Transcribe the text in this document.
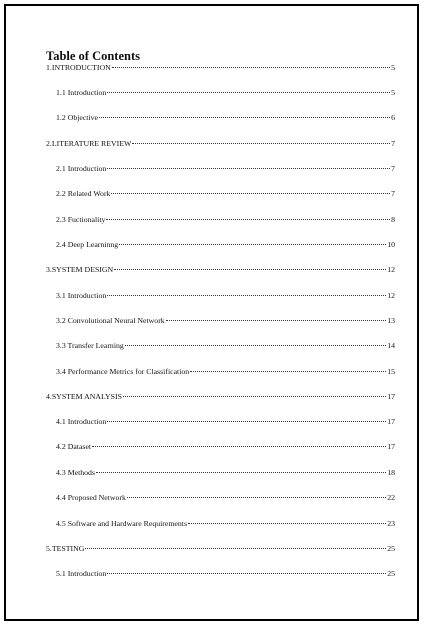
Table of Contents
1.INTRODUCTION	5
1.1 Introduction	5
1.2 Objective	6
2.LITERATURE REVIEW	7
2.1 Introduction	7
2.2 Related Work	7
2.3 Fuctionality	8
2.4 Deep Learninng	10
3.SYSTEM DESIGN	12
3.1 Introduction	12
3.2 Convolutional Neural Network	13
3.3 Transfer Learning	14
3.4 Performance Metrics for Classification	15
4.SYSTEM ANALYSIS	17
4.1 Introduction	17
4.2 Dataset	17
4.3 Methods	18
4.4 Proposed Network	22
4.5 Software and Hardware Requirements	23
5.TESTING	25
5.1 Introduction	25
